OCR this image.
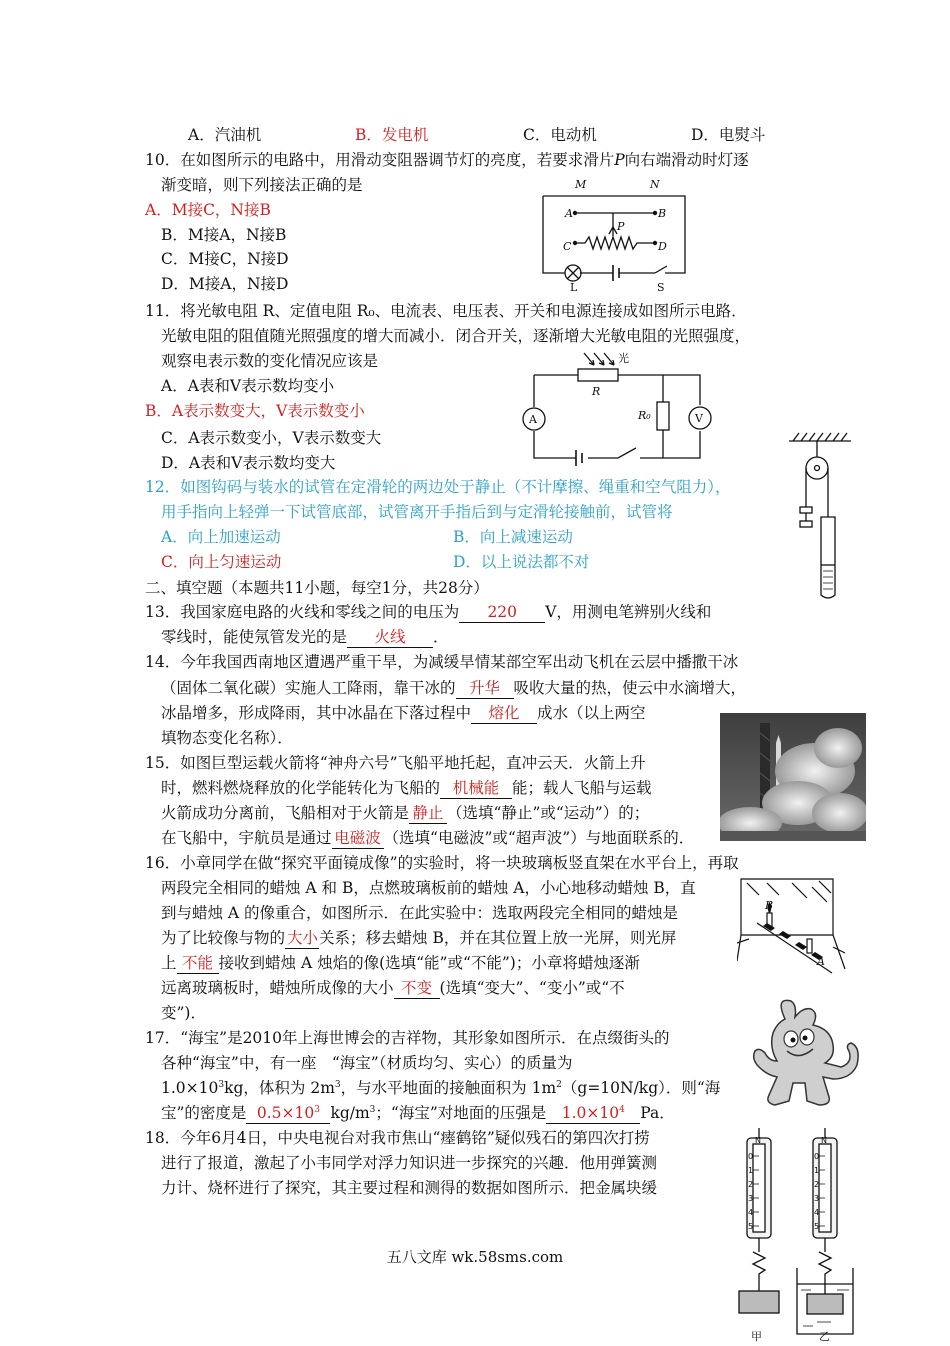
A．汽油机	B．发电机	C．电动机	D．电熨斗
10．在如图所示的电路中，用滑动变阻器调节灯的亮度，若要求滑片P向右端滑动时灯逐
渐变暗，则下列接法正确的是
A．M接C，N接B
B．M接A，N接B
C．M接C，N接D
D．M接A，N接D
M	N
A	B
C	D
P
L	S
11．将光敏电阻 R、定值电阻 R₀、电流表、电压表、开关和电源连接成如图所示电路．
光敏电阻的阻值随光照强度的增大而减小．闭合开关，逐渐增大光敏电阻的光照强度，
观察电表示数的变化情况应该是
A．A表和V表示数均变小
B．A表示数变大，V表示数变小
C．A表示数变小，V表示数变大
D．A表和V表示数均变大
光
R
R₀
A	V
12．如图钩码与装水的试管在定滑轮的两边处于静止（不计摩擦、绳重和空气阻力），
用手指向上轻弹一下试管底部，试管离开手指后到与定滑轮接触前，试管将
A．向上加速运动	B．向上减速运动
C．向上匀速运动	D．以上说法都不对
二、填空题（本题共11小题，每空1分，共28分）
13．我国家庭电路的火线和零线之间的电压为 220 V，用测电笔辨别火线和
零线时，能使氖管发光的是 火线 ．
14．今年我国西南地区遭遇严重干旱，为减缓旱情某部空军出动飞机在云层中播撒干冰
（固体二氧化碳）实施人工降雨，靠干冰的 升华 吸收大量的热，使云中水滴增大，
冰晶增多，形成降雨，其中冰晶在下落过程中 熔化 成水（以上两空
填物态变化名称）．
15．如图巨型运载火箭将“神舟六号”飞船平地托起，直冲云天．火箭上升
时，燃料燃烧释放的化学能转化为飞船的 机械能 能；载人飞船与运载
火箭成功分离前，飞船相对于火箭是 静止 （选填“静止”或“运动”）的；
在飞船中，宇航员是通过 电磁波 （选填“电磁波”或“超声波”）与地面联系的．
16．小章同学在做“探究平面镜成像”的实验时，将一块玻璃板竖直架在水平台上，再取
两段完全相同的蜡烛 A 和 B，点燃玻璃板前的蜡烛 A，小心地移动蜡烛 B，直
到与蜡烛 A 的像重合，如图所示．在此实验中：选取两段完全相同的蜡烛是
为了比较像与物的 大小关系；移去蜡烛 B，并在其位置上放一光屏，则光屏
上 不能 接收到蜡烛 A 烛焰的像(选填“能”或“不能”)；小章将蜡烛逐渐
远离玻璃板时，蜡烛所成像的大小 不变 (选填“变大”、“变小”或“不
变”)．
B
A
17．“海宝”是2010年上海世博会的吉祥物，其形象如图所示．在点缀街头的
各种“海宝”中，有一座　“海宝”（材质均匀、实心）的质量为
$1.0\times 10^3kg$，体积为 $2m^3$，与水平地面的接触面积为 $1m^2(g=10N/kg)$．则“海
宝”的密度是 $0.5\times 10^3$ $kg/m^3$；“海宝”对地面的压强是 $1.0\times 10^4$ Pa．
18．今年6月4日，中央电视台对我市焦山“瘗鹤铭”疑似残石的第四次打捞
进行了报道，激起了小韦同学对浮力知识进一步探究的兴趣．他用弹簧测
力计、烧杯进行了探究，其主要过程和测得的数据如图所示．把金属块缓
N	N
0
1
2
3
4
5
0
1
2
3
4
5
甲	乙
五八文库 wk.58sms.com
